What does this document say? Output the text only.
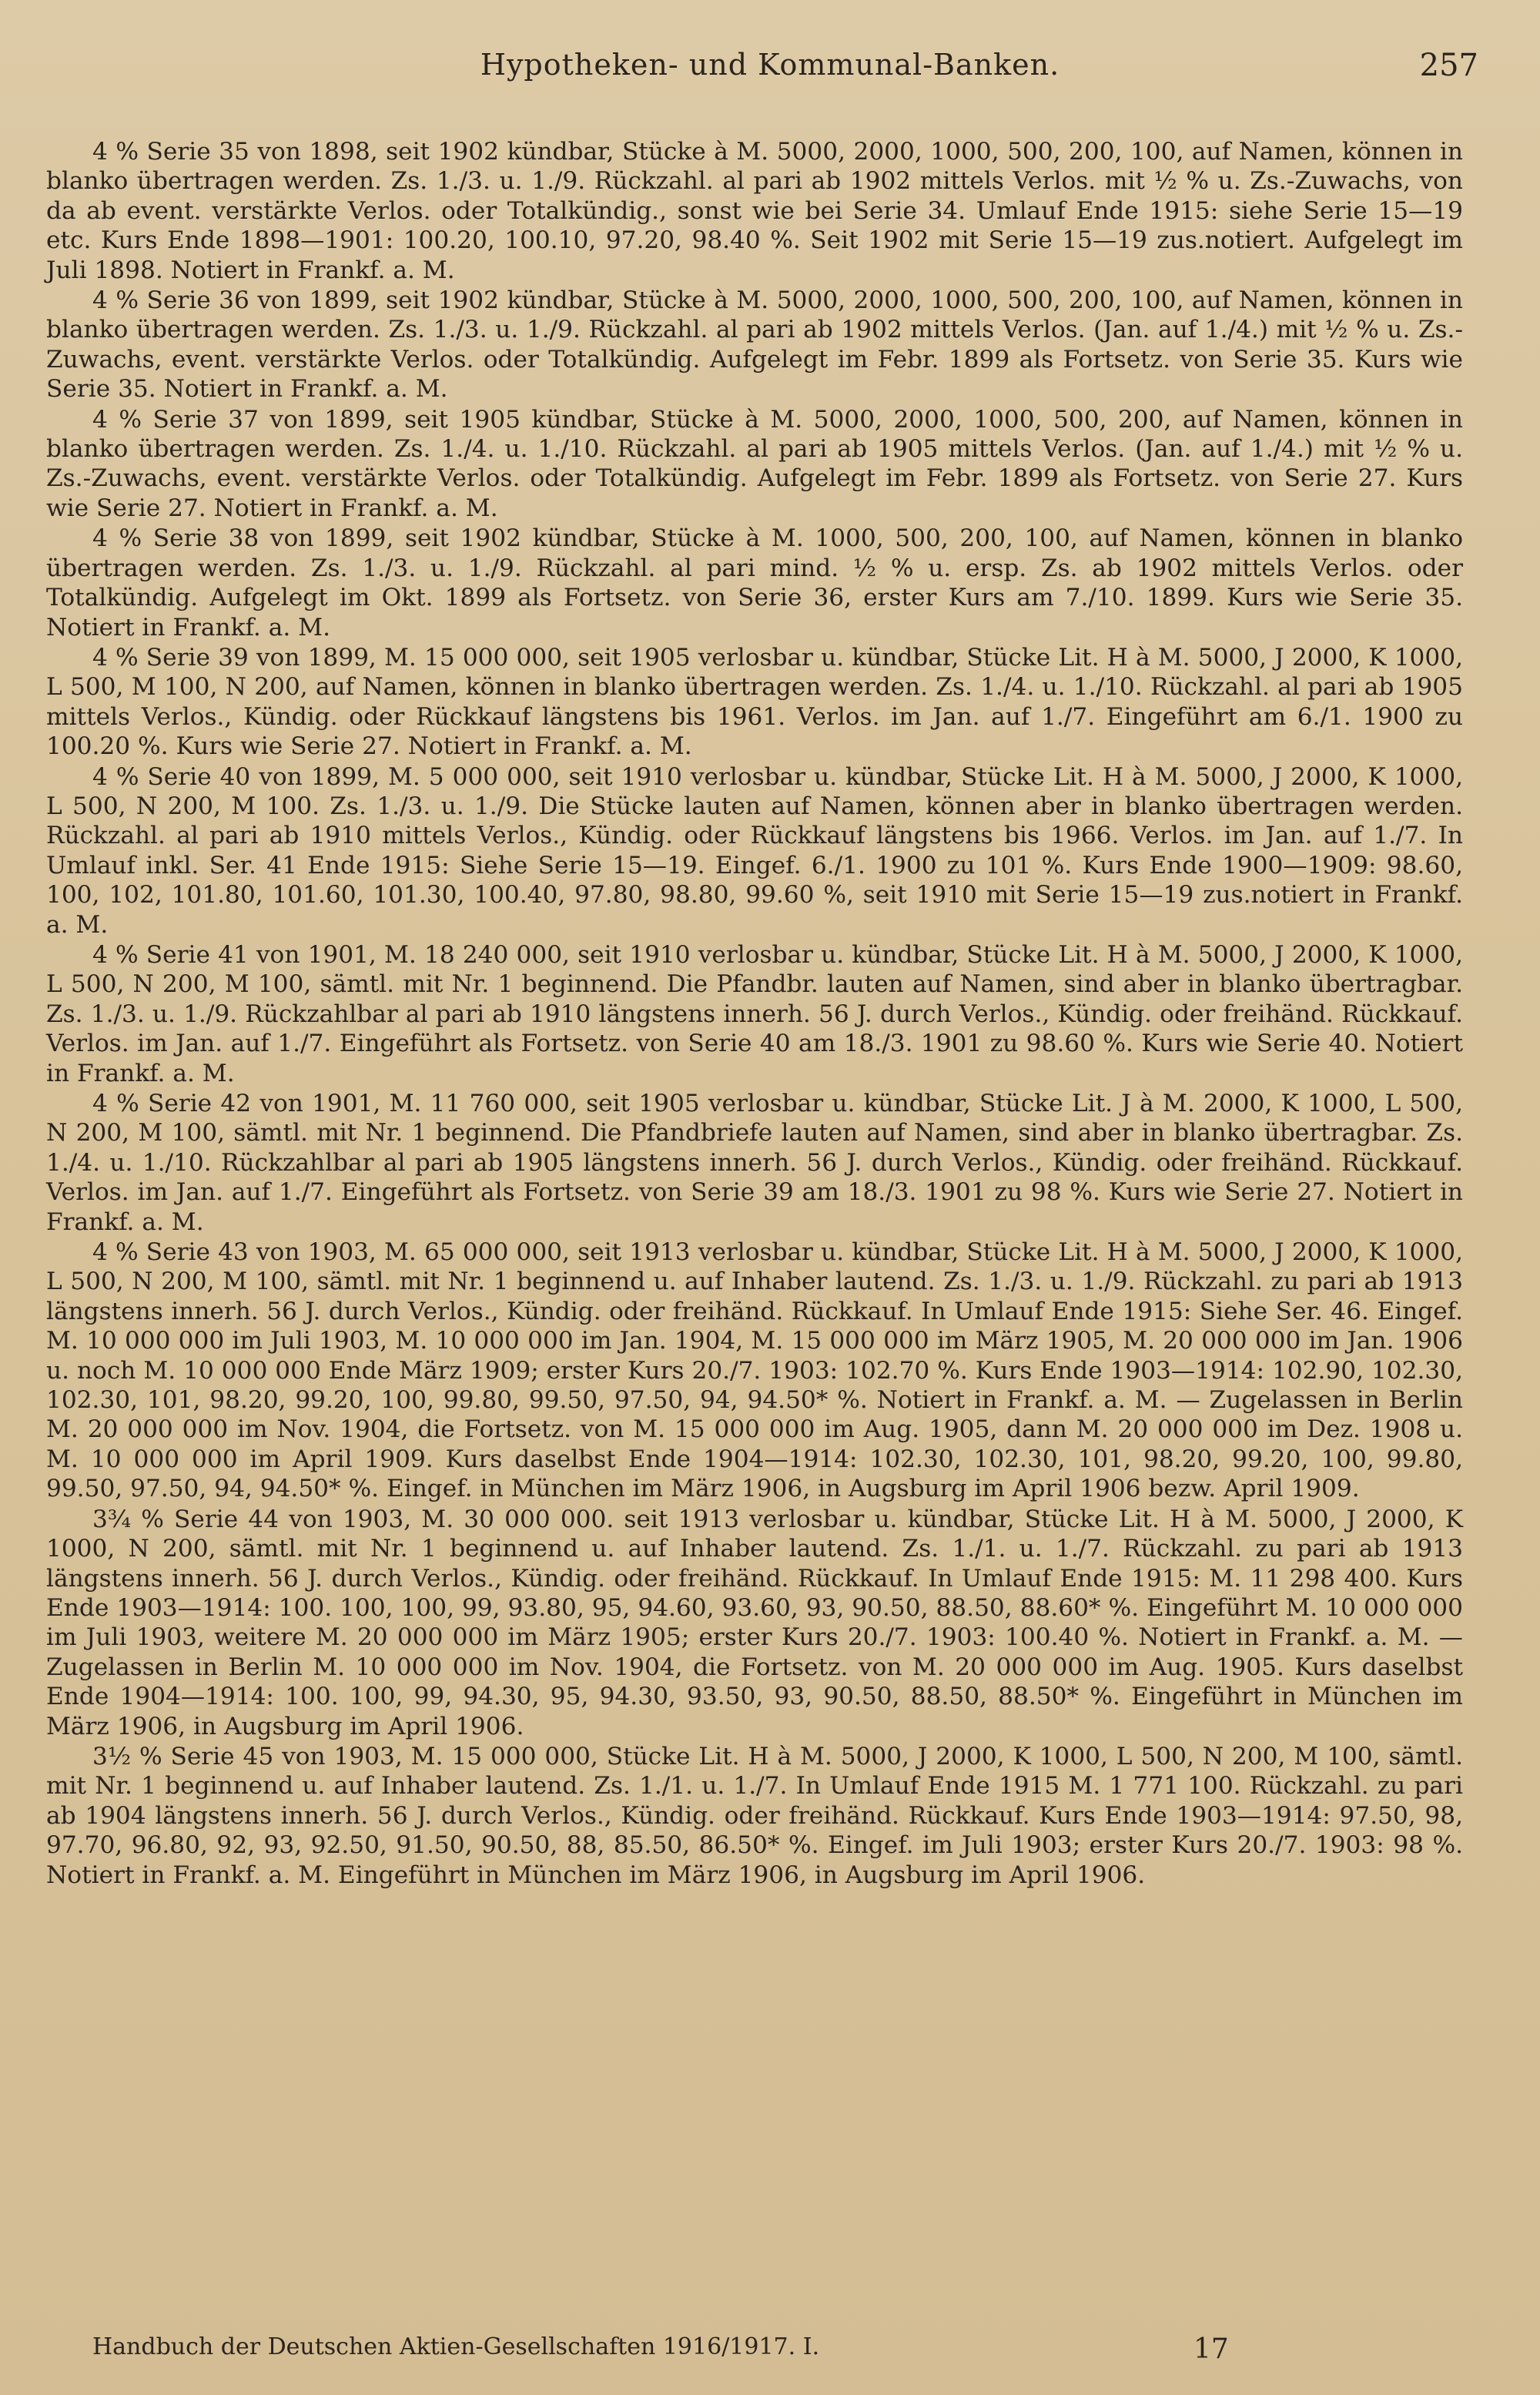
Hypotheken- und Kommunal-Banken.	257

4 % Serie 35 von 1898, seit 1902 kündbar, Stücke à M. 5000, 2000, 1000, 500, 200, 100, auf Namen, können in blanko übertragen werden. Zs. 1./3. u. 1./9. Rückzahl. al pari ab 1902 mittels Verlos. mit ½ % u. Zs.-Zuwachs, von da ab event. verstärkte Verlos. oder Totalkündig., sonst wie bei Serie 34. Umlauf Ende 1915: siehe Serie 15—19 etc. Kurs Ende 1898—1901: 100.20, 100.10, 97.20, 98.40 %. Seit 1902 mit Serie 15—19 zus.notiert. Aufgelegt im Juli 1898. Notiert in Frankf. a. M.

4 % Serie 36 von 1899, seit 1902 kündbar, Stücke à M. 5000, 2000, 1000, 500, 200, 100, auf Namen, können in blanko übertragen werden. Zs. 1./3. u. 1./9. Rückzahl. al pari ab 1902 mittels Verlos. (Jan. auf 1./4.) mit ½ % u. Zs.-Zuwachs, event. verstärkte Verlos. oder Totalkündig. Aufgelegt im Febr. 1899 als Fortsetz. von Serie 35. Kurs wie Serie 35. Notiert in Frankf. a. M.

4 % Serie 37 von 1899, seit 1905 kündbar, Stücke à M. 5000, 2000, 1000, 500, 200, auf Namen, können in blanko übertragen werden. Zs. 1./4. u. 1./10. Rückzahl. al pari ab 1905 mittels Verlos. (Jan. auf 1./4.) mit ½ % u. Zs.-Zuwachs, event. verstärkte Verlos. oder Totalkündig. Aufgelegt im Febr. 1899 als Fortsetz. von Serie 27. Kurs wie Serie 27. Notiert in Frankf. a. M.

4 % Serie 38 von 1899, seit 1902 kündbar, Stücke à M. 1000, 500, 200, 100, auf Namen, können in blanko übertragen werden. Zs. 1./3. u. 1./9. Rückzahl. al pari mind. ½ % u. ersp. Zs. ab 1902 mittels Verlos. oder Totalkündig. Aufgelegt im Okt. 1899 als Fortsetz. von Serie 36, erster Kurs am 7./10. 1899. Kurs wie Serie 35. Notiert in Frankf. a. M.

4 % Serie 39 von 1899, M. 15 000 000, seit 1905 verlosbar u. kündbar, Stücke Lit. H à M. 5000, J 2000, K 1000, L 500, M 100, N 200, auf Namen, können in blanko übertragen werden. Zs. 1./4. u. 1./10. Rückzahl. al pari ab 1905 mittels Verlos., Kündig. oder Rückkauf längstens bis 1961. Verlos. im Jan. auf 1./7. Eingeführt am 6./1. 1900 zu 100.20 %. Kurs wie Serie 27. Notiert in Frankf. a. M.

4 % Serie 40 von 1899, M. 5 000 000, seit 1910 verlosbar u. kündbar, Stücke Lit. H à M. 5000, J 2000, K 1000, L 500, N 200, M 100. Zs. 1./3. u. 1./9. Die Stücke lauten auf Namen, können aber in blanko übertragen werden. Rückzahl. al pari ab 1910 mittels Verlos., Kündig. oder Rückkauf längstens bis 1966. Verlos. im Jan. auf 1./7. In Umlauf inkl. Ser. 41 Ende 1915: Siehe Serie 15—19. Eingef. 6./1. 1900 zu 101 %. Kurs Ende 1900—1909: 98.60, 100, 102, 101.80, 101.60, 101.30, 100.40, 97.80, 98.80, 99.60 %, seit 1910 mit Serie 15—19 zus.notiert in Frankf. a. M.

4 % Serie 41 von 1901, M. 18 240 000, seit 1910 verlosbar u. kündbar, Stücke Lit. H à M. 5000, J 2000, K 1000, L 500, N 200, M 100, sämtl. mit Nr. 1 beginnend. Die Pfandbr. lauten auf Namen, sind aber in blanko übertragbar. Zs. 1./3. u. 1./9. Rückzahlbar al pari ab 1910 längstens innerh. 56 J. durch Verlos., Kündig. oder freihänd. Rückkauf. Verlos. im Jan. auf 1./7. Eingeführt als Fortsetz. von Serie 40 am 18./3. 1901 zu 98.60 %. Kurs wie Serie 40. Notiert in Frankf. a. M.

4 % Serie 42 von 1901, M. 11 760 000, seit 1905 verlosbar u. kündbar, Stücke Lit. J à M. 2000, K 1000, L 500, N 200, M 100, sämtl. mit Nr. 1 beginnend. Die Pfandbriefe lauten auf Namen, sind aber in blanko übertragbar. Zs. 1./4. u. 1./10. Rückzahlbar al pari ab 1905 längstens innerh. 56 J. durch Verlos., Kündig. oder freihänd. Rückkauf. Verlos. im Jan. auf 1./7. Eingeführt als Fortsetz. von Serie 39 am 18./3. 1901 zu 98 %. Kurs wie Serie 27. Notiert in Frankf. a. M.

4 % Serie 43 von 1903, M. 65 000 000, seit 1913 verlosbar u. kündbar, Stücke Lit. H à M. 5000, J 2000, K 1000, L 500, N 200, M 100, sämtl. mit Nr. 1 beginnend u. auf Inhaber lautend. Zs. 1./3. u. 1./9. Rückzahl. zu pari ab 1913 längstens innerh. 56 J. durch Verlos., Kündig. oder freihänd. Rückkauf. In Umlauf Ende 1915: Siehe Ser. 46. Eingef. M. 10 000 000 im Juli 1903, M. 10 000 000 im Jan. 1904, M. 15 000 000 im März 1905, M. 20 000 000 im Jan. 1906 u. noch M. 10 000 000 Ende März 1909; erster Kurs 20./7. 1903: 102.70 %. Kurs Ende 1903—1914: 102.90, 102.30, 102.30, 101, 98.20, 99.20, 100, 99.80, 99.50, 97.50, 94, 94.50* %. Notiert in Frankf. a. M. — Zugelassen in Berlin M. 20 000 000 im Nov. 1904, die Fortsetz. von M. 15 000 000 im Aug. 1905, dann M. 20 000 000 im Dez. 1908 u. M. 10 000 000 im April 1909. Kurs daselbst Ende 1904—1914: 102.30, 102.30, 101, 98.20, 99.20, 100, 99.80, 99.50, 97.50, 94, 94.50* %. Eingef. in München im März 1906, in Augsburg im April 1906 bezw. April 1909.

3¾ % Serie 44 von 1903, M. 30 000 000. seit 1913 verlosbar u. kündbar, Stücke Lit. H à M. 5000, J 2000, K 1000, N 200, sämtl. mit Nr. 1 beginnend u. auf Inhaber lautend. Zs. 1./1. u. 1./7. Rückzahl. zu pari ab 1913 längstens innerh. 56 J. durch Verlos., Kündig. oder freihänd. Rückkauf. In Umlauf Ende 1915: M. 11 298 400. Kurs Ende 1903—1914: 100. 100, 100, 99, 93.80, 95, 94.60, 93.60, 93, 90.50, 88.50, 88.60* %. Eingeführt M. 10 000 000 im Juli 1903, weitere M. 20 000 000 im März 1905; erster Kurs 20./7. 1903: 100.40 %. Notiert in Frankf. a. M. — Zugelassen in Berlin M. 10 000 000 im Nov. 1904, die Fortsetz. von M. 20 000 000 im Aug. 1905. Kurs daselbst Ende 1904—1914: 100. 100, 99, 94.30, 95, 94.30, 93.50, 93, 90.50, 88.50, 88.50* %. Eingeführt in München im März 1906, in Augsburg im April 1906.

3½ % Serie 45 von 1903, M. 15 000 000, Stücke Lit. H à M. 5000, J 2000, K 1000, L 500, N 200, M 100, sämtl. mit Nr. 1 beginnend u. auf Inhaber lautend. Zs. 1./1. u. 1./7. In Umlauf Ende 1915 M. 1 771 100. Rückzahl. zu pari ab 1904 längstens innerh. 56 J. durch Verlos., Kündig. oder freihänd. Rückkauf. Kurs Ende 1903—1914: 97.50, 98, 97.70, 96.80, 92, 93, 92.50, 91.50, 90.50, 88, 85.50, 86.50* %. Eingef. im Juli 1903; erster Kurs 20./7. 1903: 98 %. Notiert in Frankf. a. M. Eingeführt in München im März 1906, in Augsburg im April 1906.

Handbuch der Deutschen Aktien-Gesellschaften 1916/1917. I.	17
